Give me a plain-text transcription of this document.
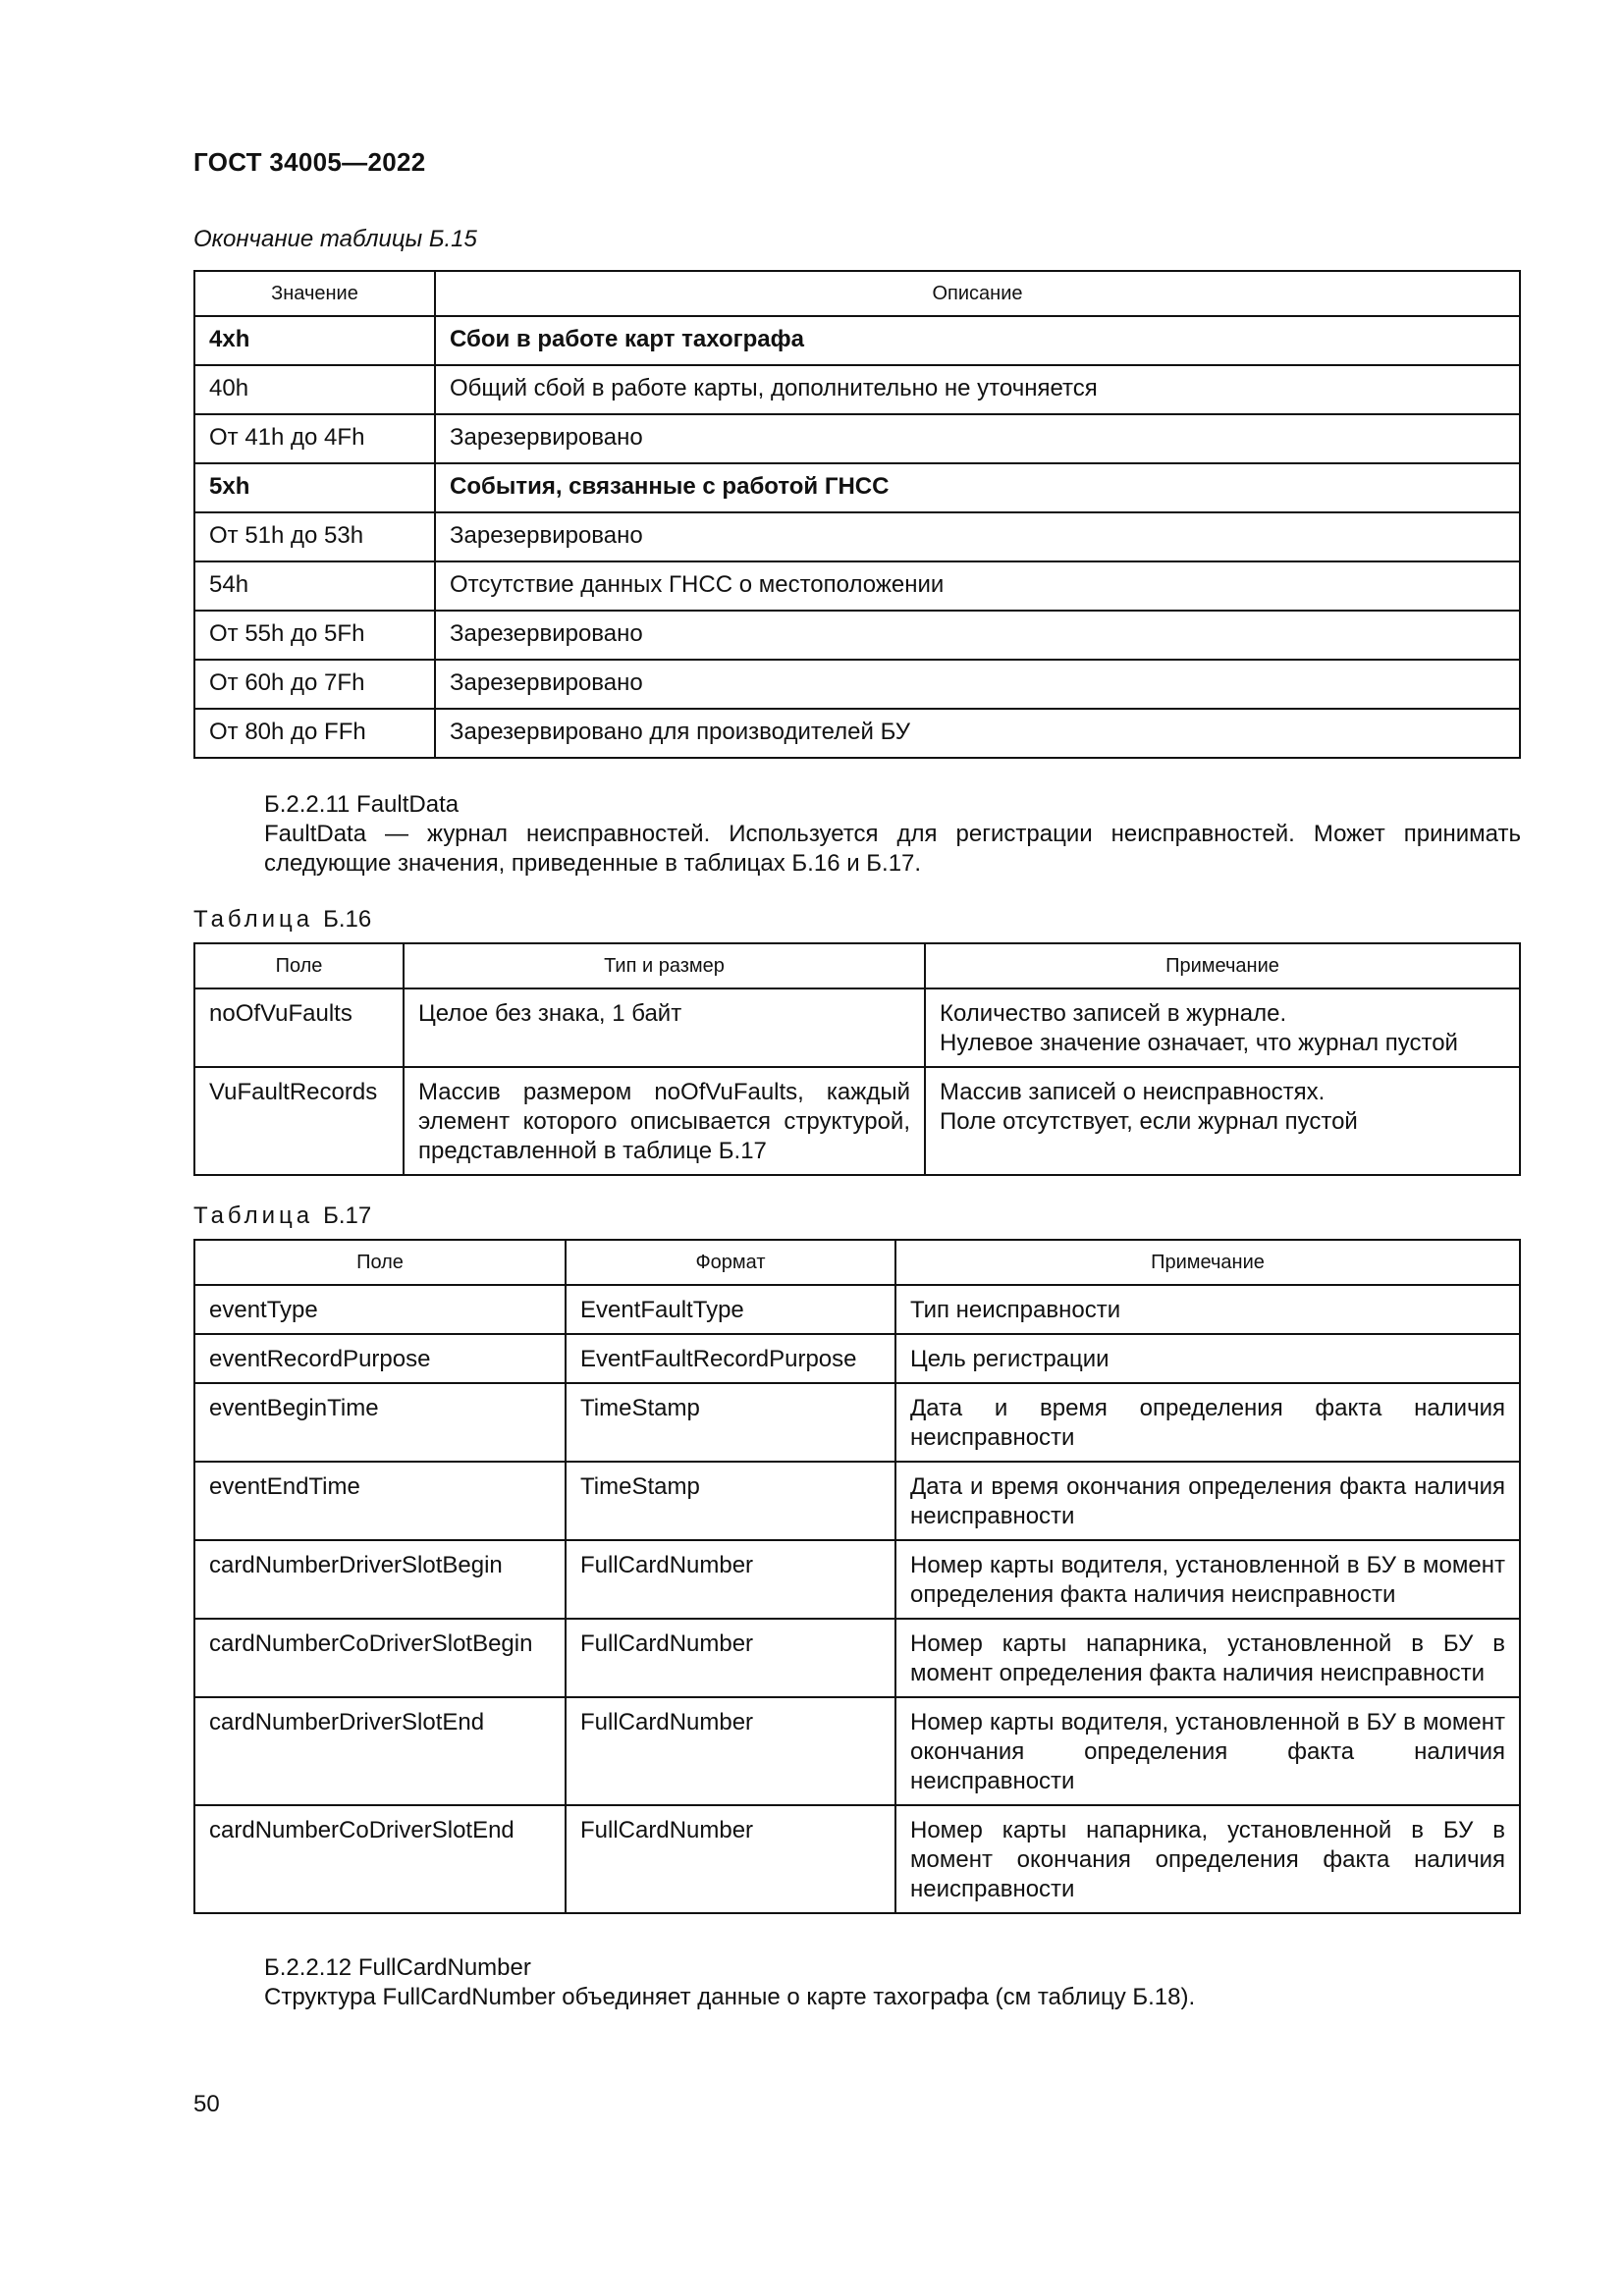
ГОСТ 34005—2022
Окончание таблицы Б.15
Значение	Описание
4xh	Сбои в работе карт тахографа
40h	Общий сбой в работе карты, дополнительно не уточняется
От 41h до 4Fh	Зарезервировано
5xh	События, связанные с работой ГНСС
От 51h до 53h	Зарезервировано
54h	Отсутствие данных ГНСС о местоположении
От 55h до 5Fh	Зарезервировано
От 60h до 7Fh	Зарезервировано
От 80h до FFh	Зарезервировано для производителей БУ
Б.2.2.11 FaultData
FaultData — журнал неисправностей. Используется для регистрации неисправностей. Может принимать следующие значения, приведенные в таблицах Б.16 и Б.17.
Таблица Б.16
Поле	Тип и размер	Примечание
noOfVuFaults	Целое без знака, 1 байт	Количество записей в журнале.
Нулевое значение означает, что журнал пустой

VuFaultRecords	Массив размером noOfVuFaults, каждый элемент которого описывается структурой, представленной в таблице Б.17	Массив записей о неисправностях.
Поле отсутствует, если журнал пустой
Таблица Б.17
Поле	Формат	Примечание
eventType	EventFaultType	Тип неисправности

eventRecordPurpose	EventFaultRecordPurpose	Цель регистрации

eventBeginTime	TimeStamp	Дата и время определения факта наличия неисправности

eventEndTime	TimeStamp	Дата и время окончания определения факта наличия неисправности

cardNumberDriverSlotBegin	FullCardNumber	Номер карты водителя, установленной в БУ в момент определения факта наличия неисправности

cardNumberCoDriverSlotBegin	FullCardNumber	Номер карты напарника, установленной в БУ в момент определения факта наличия неисправности

cardNumberDriverSlotEnd	FullCardNumber	Номер карты водителя, установленной в БУ в момент окончания определения факта наличия неисправности

cardNumberCoDriverSlotEnd	FullCardNumber	Номер карты напарника, установленной в БУ в момент окончания определения факта наличия неисправности
Б.2.2.12 FullCardNumber
Структура FullCardNumber объединяет данные о карте тахографа (см таблицу Б.18).
50
